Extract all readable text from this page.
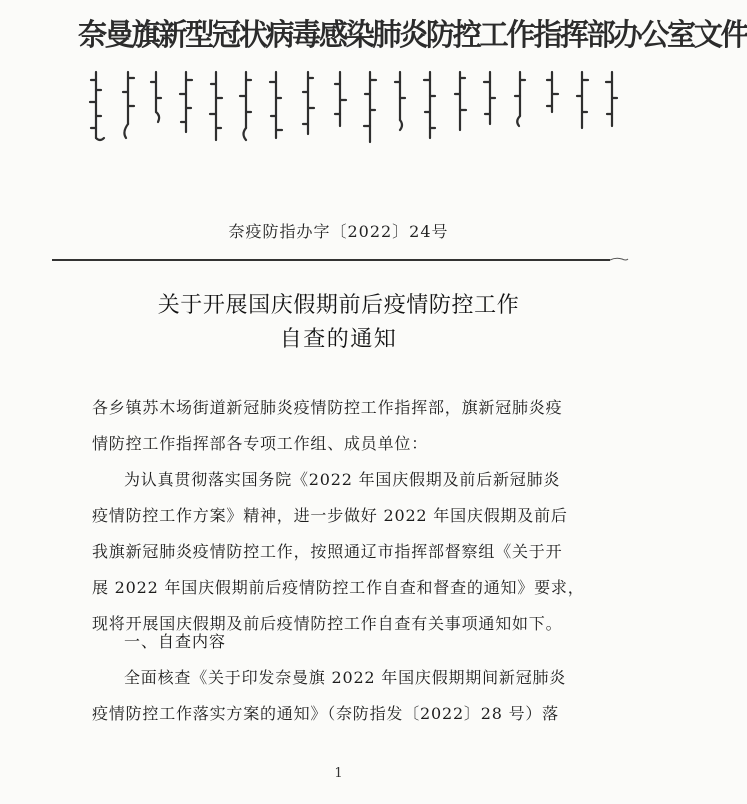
奈曼旗新型冠状病毒感染肺炎防控工作指挥部办公室文件
奈疫防指办字〔2022〕24号
关于开展国庆假期前后疫情防控工作
自查的通知
各乡镇苏木场街道新冠肺炎疫情防控工作指挥部，旗新冠肺炎疫
情防控工作指挥部各专项工作组、成员单位：
为认真贯彻落实国务院《2022 年国庆假期及前后新冠肺炎
疫情防控工作方案》精神，进一步做好 2022 年国庆假期及前后
我旗新冠肺炎疫情防控工作，按照通辽市指挥部督察组《关于开
展 2022 年国庆假期前后疫情防控工作自查和督查的通知》要求，
现将开展国庆假期及前后疫情防控工作自查有关事项通知如下。
一、自查内容
全面核查《关于印发奈曼旗 2022 年国庆假期期间新冠肺炎
疫情防控工作落实方案的通知》（奈防指发〔2022〕28 号）落
1
